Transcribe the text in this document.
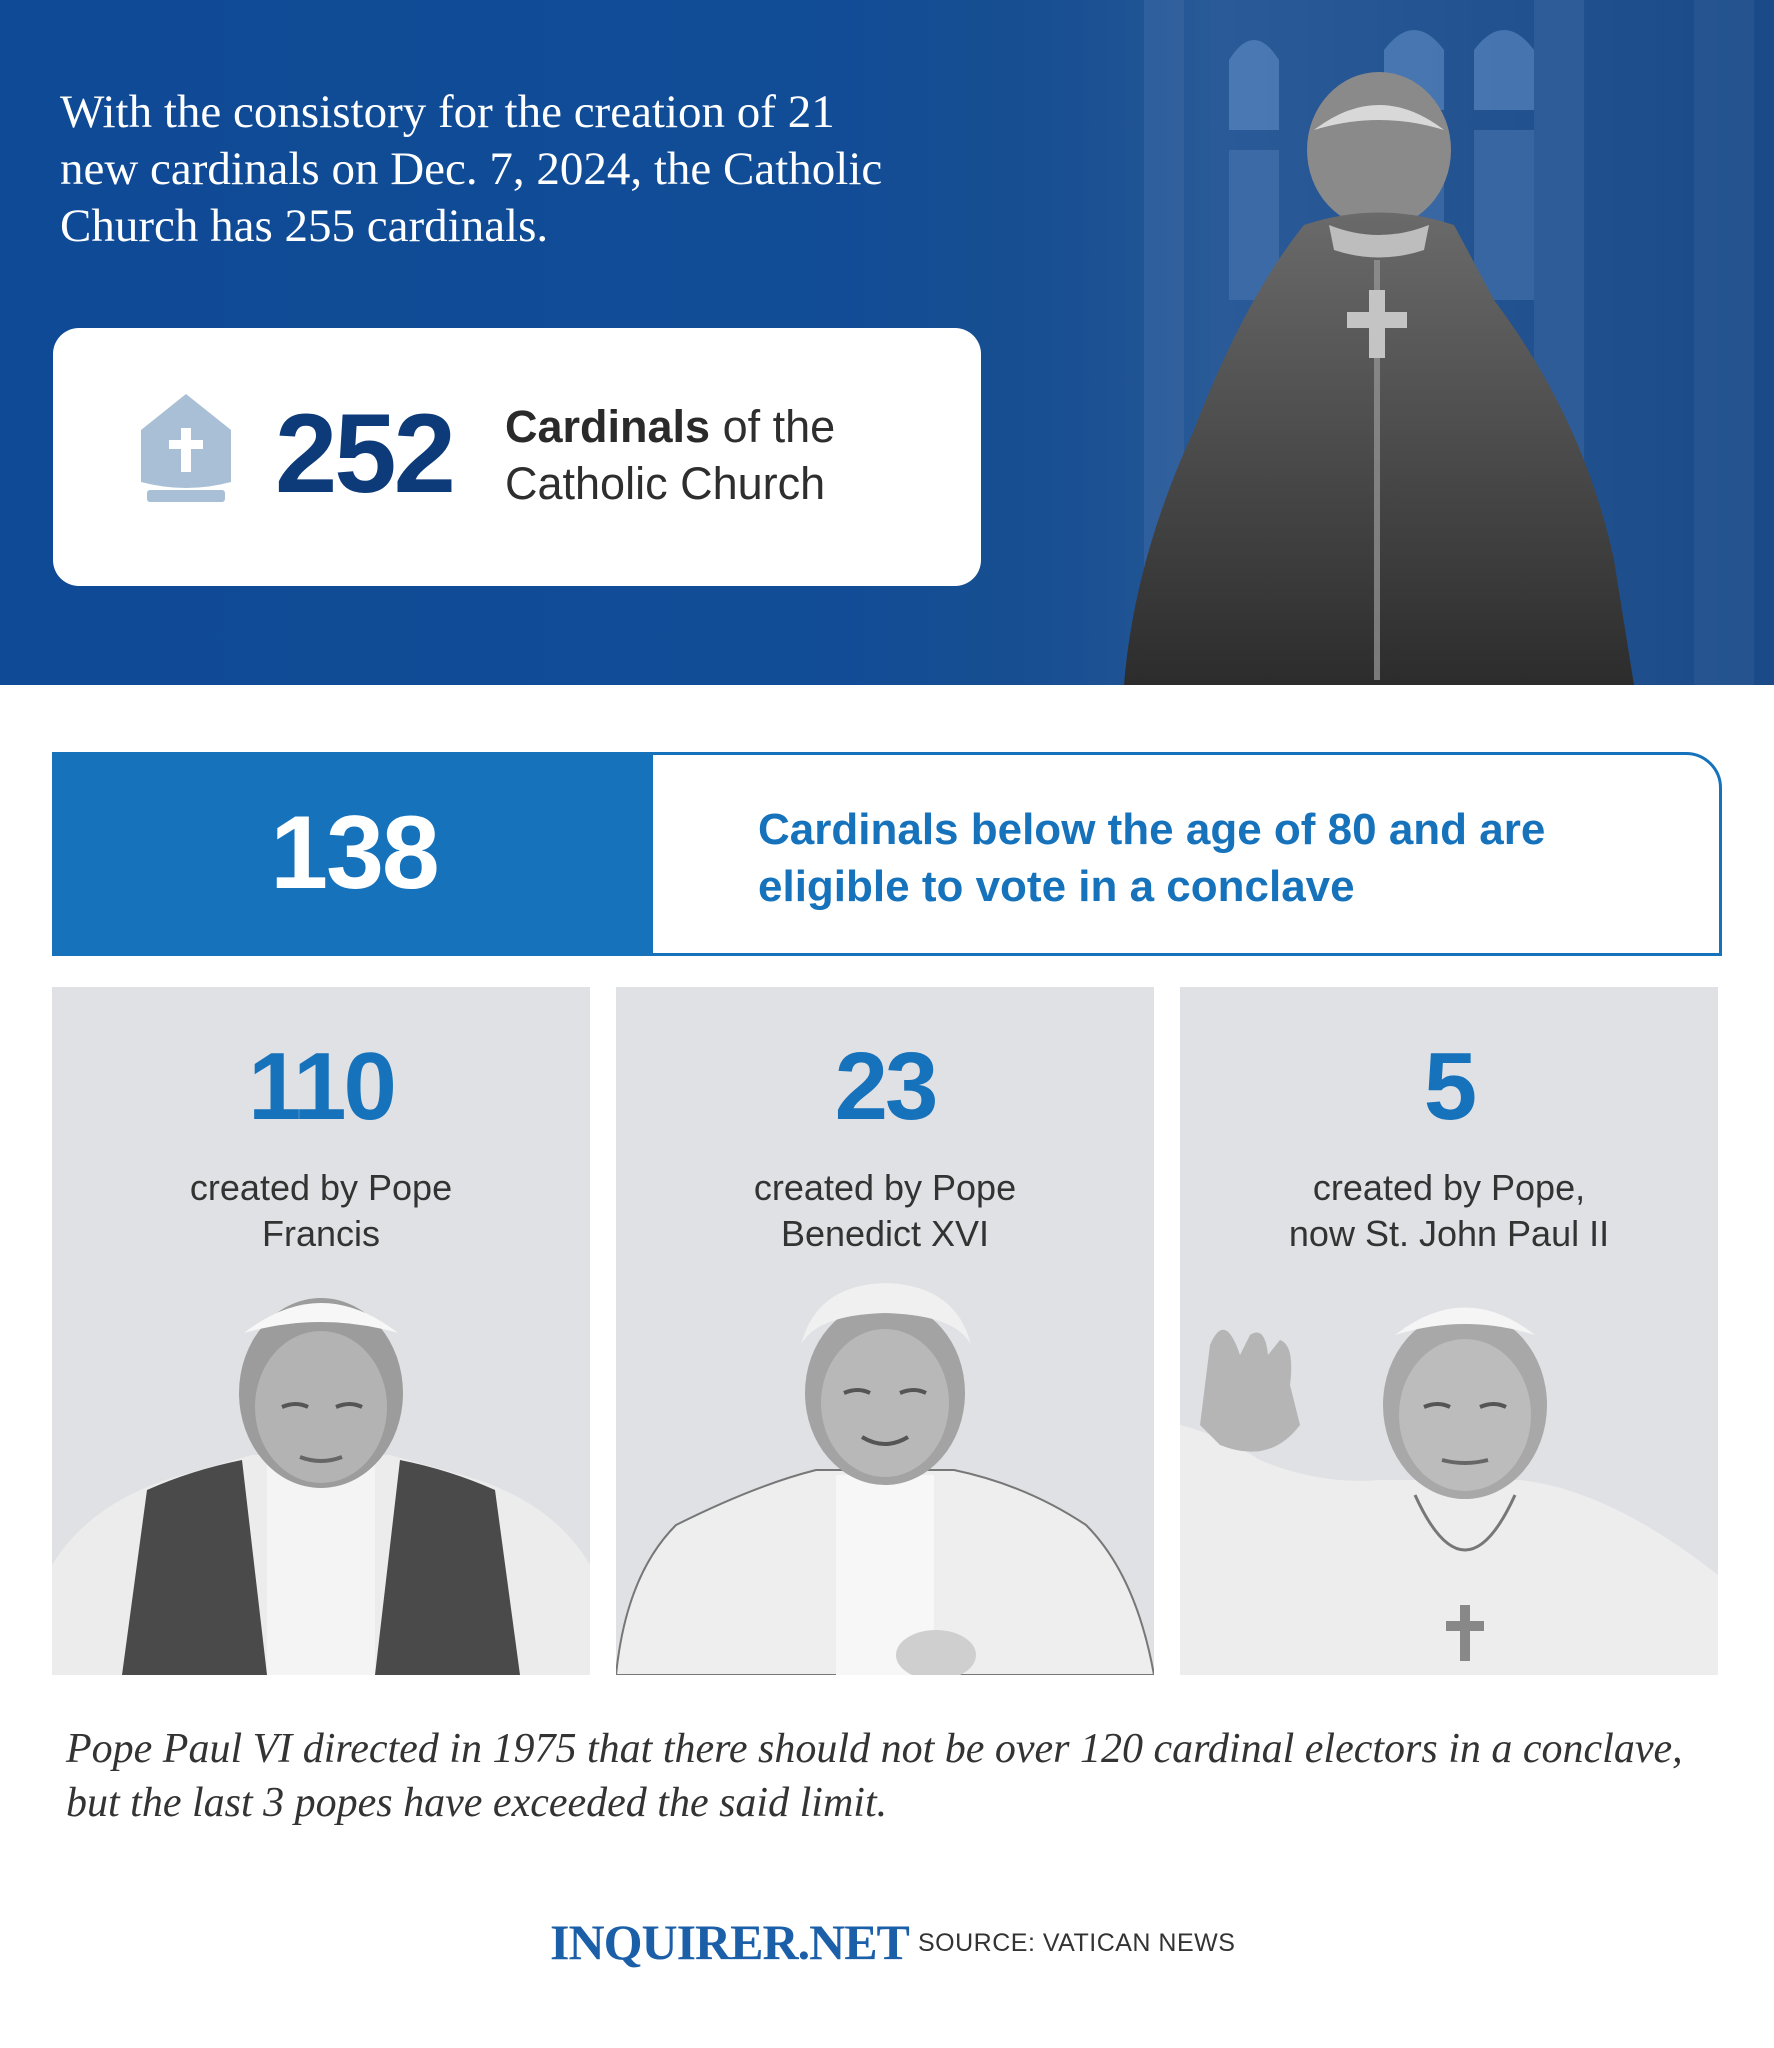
With the consistory for the creation of 21 new cardinals on Dec. 7, 2024, the Catholic Church has 255 cardinals.

252 Cardinals of the
Catholic Church
138	Cardinals below the age of 80 and are eligible to vote in a conclave
110
created by Pope
Francis
23
created by Pope
Benedict XVI
5
created by Pope,
now St. John Paul II

Pope Paul VI directed in 1975 that there should not be over 120 cardinal electors in a conclave, but the last 3 popes have exceeded the said limit.

INQUIRER.NET SOURCE: VATICAN NEWS
